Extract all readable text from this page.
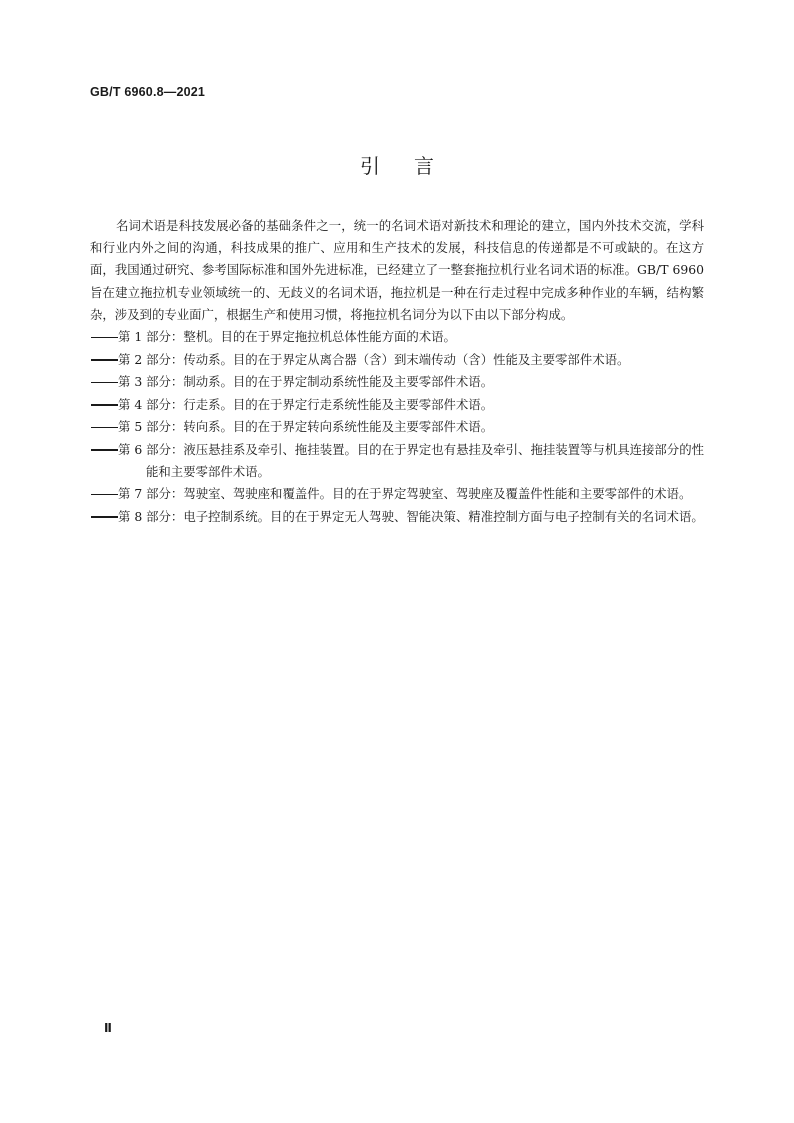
GB/T 6960.8—2021
引言

名词术语是科技发展必备的基础条件之一，统一的名词术语对新技术和理论的建立，国内外技术交流，学科和行业内外之间的沟通，科技成果的推广、应用和生产技术的发展，科技信息的传递都是不可或缺的。在这方面，我国通过研究、参考国际标准和国外先进标准，已经建立了一整套拖拉机行业名词术语的标准。GB/T 6960 旨在建立拖拉机专业领域统一的、无歧义的名词术语，拖拉机是一种在行走过程中完成多种作业的车辆，结构繁杂，涉及到的专业面广，根据生产和使用习惯，将拖拉机名词分为以下由以下部分构成。

第 1 部分：整机。目的在于界定拖拉机总体性能方面的术语。

第 2 部分：传动系。目的在于界定从离合器（含）到末端传动（含）性能及主要零部件术语。

第 3 部分：制动系。目的在于界定制动系统性能及主要零部件术语。

第 4 部分：行走系。目的在于界定行走系统性能及主要零部件术语。

第 5 部分：转向系。目的在于界定转向系统性能及主要零部件术语。

第 6 部分：液压悬挂系及牵引、拖挂装置。目的在于界定也有悬挂及牵引、拖挂装置等与机具连接部分的性能和主要零部件术语。

第 7 部分：驾驶室、驾驶座和覆盖件。目的在于界定驾驶室、驾驶座及覆盖件性能和主要零部件的术语。

第 8 部分：电子控制系统。目的在于界定无人驾驶、智能决策、精准控制方面与电子控制有关的名词术语。

Ⅱ
